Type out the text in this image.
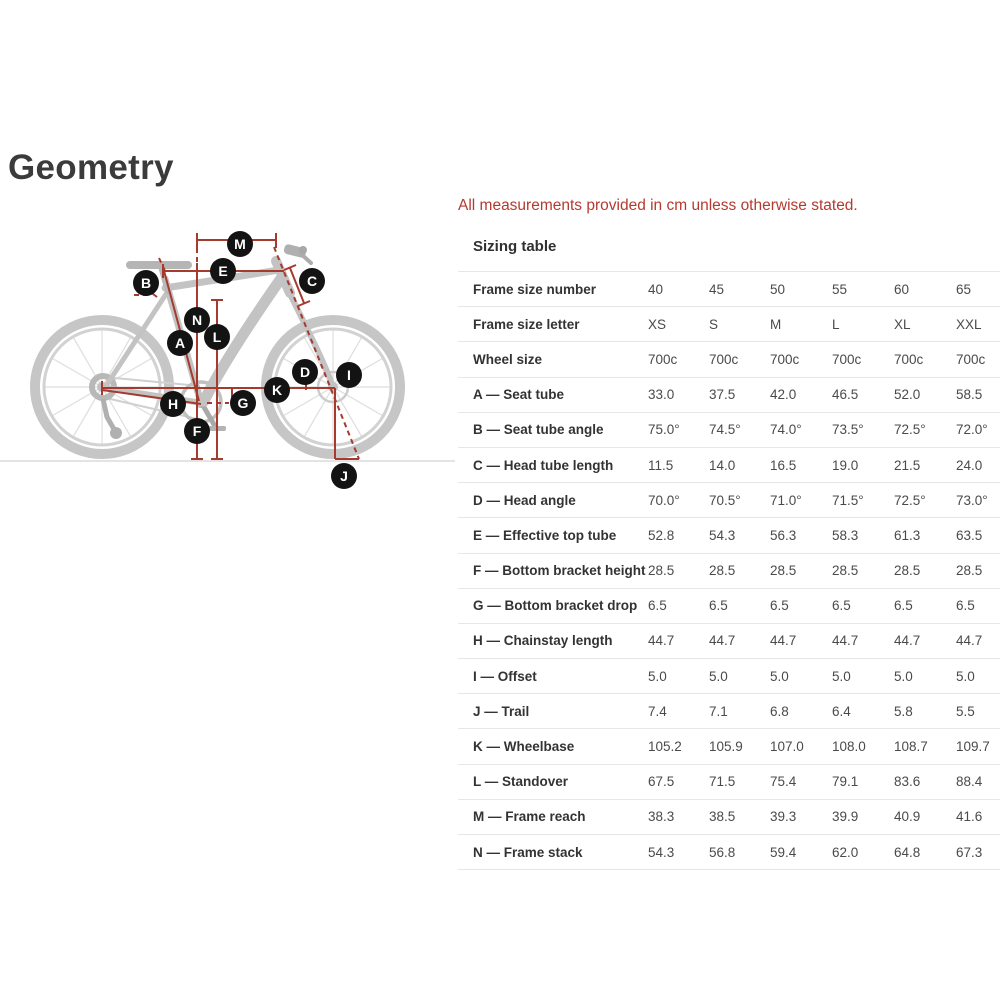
Geometry
All measurements provided in cm unless otherwise stated.
Sizing table
Frame size number	40	45	50	55	60	65
Frame size letter	XS	S	M	L	XL	XXL
Wheel size	700c	700c	700c	700c	700c	700c
A — Seat tube	33.0	37.5	42.0	46.5	52.0	58.5
B — Seat tube angle	75.0°	74.5°	74.0°	73.5°	72.5°	72.0°
C — Head tube length	11.5	14.0	16.5	19.0	21.5	24.0
D — Head angle	70.0°	70.5°	71.0°	71.5°	72.5°	73.0°
E — Effective top tube	52.8	54.3	56.3	58.3	61.3	63.5
F — Bottom bracket height 28.5	28.5	28.5	28.5	28.5	28.5
G — Bottom bracket drop 6.5	6.5	6.5	6.5	6.5	6.5
H — Chainstay length	44.7	44.7	44.7	44.7	44.7	44.7
I — Offset	5.0	5.0	5.0	5.0	5.0	5.0
J — Trail	7.4	7.1	6.8	6.4	5.8	5.5
K — Wheelbase	105.2	105.9	107.0	108.0	108.7	109.7
L — Standover	67.5	71.5	75.4	79.1	83.6	88.4
M — Frame reach	38.3	38.5	39.3	39.9	40.9	41.6
N — Frame stack	54.3	56.8	59.4	62.0	64.8	67.3
M
E
B	C
N
L
A
D	I
K
H	G
F
J
